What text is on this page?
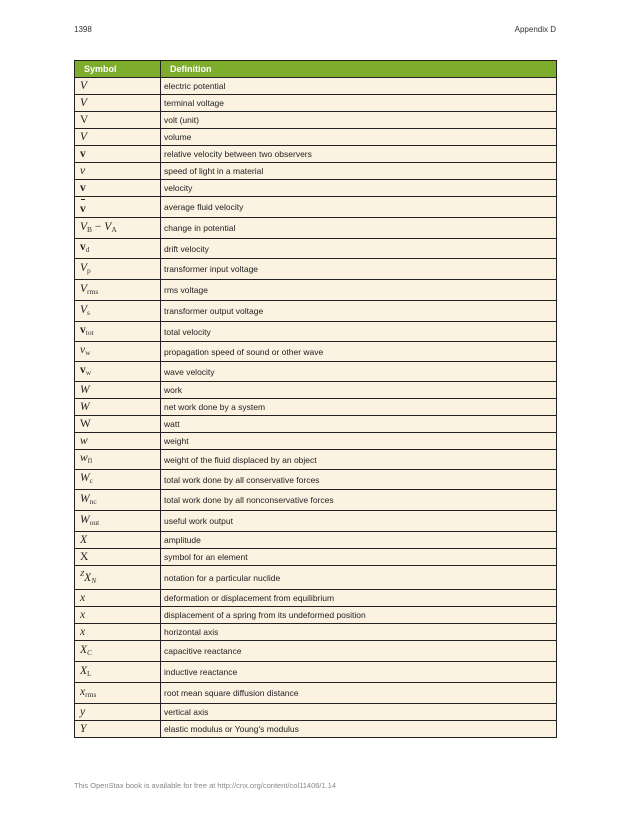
1398	Appendix D
Symbol	Definition
V	electric potential
V	terminal voltage
V	volt (unit)
V	volume
v	relative velocity between two observers
v	speed of light in a material
v	velocity
v	average fluid velocity
$V_B - V_A$	change in potential
$v_d$	drift velocity
$V_p$	transformer input voltage
$V_{rms}$	rms voltage
$V_s$	transformer output voltage
$v_{tot}$	total velocity
$v_w$	propagation speed of sound or other wave
$v_w$	wave velocity
W	work
W	net work done by a system
W	watt
w	weight
$w_{fl}$	weight of the fluid displaced by an object
$W_c$	total work done by all conservative forces
$W_{nc}$	total work done by all nonconservative forces
$W_{out}$	useful work output
X	amplitude
X	symbol for an element
$^ZX_N$	notation for a particular nuclide
x	deformation or displacement from equilibrium
x	displacement of a spring from its undeformed position
x	horizontal axis
$X_C$	capacitive reactance
$X_L$	inductive reactance
$x_{rms}$	root mean square diffusion distance
y	vertical axis
Y	elastic modulus or Young's modulus
This OpenStax book is available for free at http://cnx.org/content/col11406/1.14
